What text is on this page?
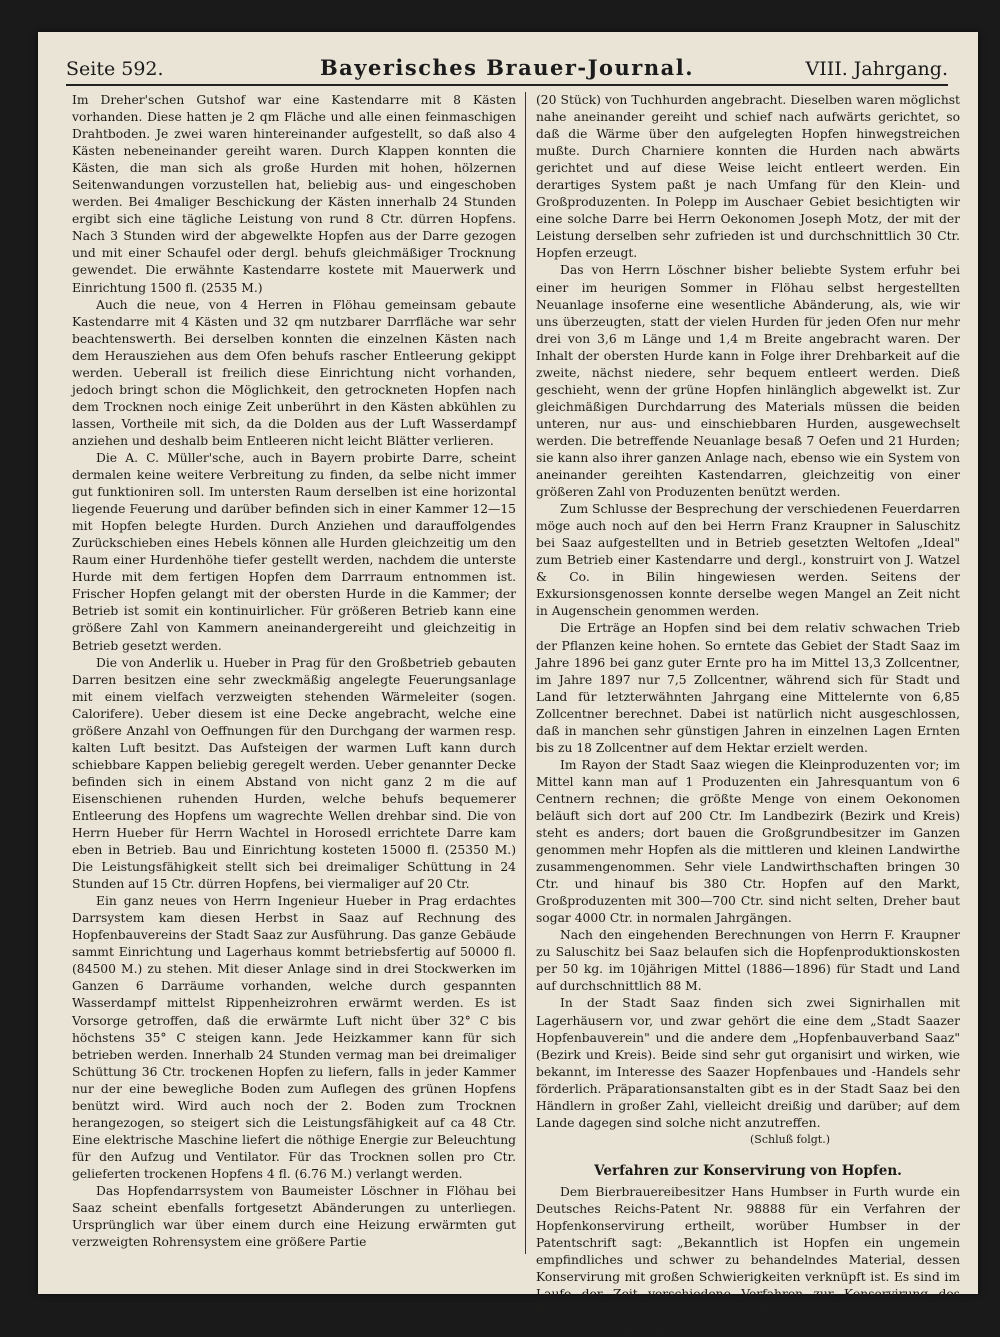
Seite 592.	Bayerisches Brauer-Journal.	VIII. Jahrgang.

Im Dreher'schen Gutshof war eine Kastendarre mit 8 Kästen vorhanden. Diese hatten je 2 qm Fläche und alle einen feinmaschigen Drahtboden. Je zwei waren hintereinander aufgestellt, so daß also 4 Kästen nebeneinander gereiht waren. Durch Klappen konnten die Kästen, die man sich als große Hurden mit hohen, hölzernen Seitenwandungen vorzustellen hat, beliebig aus- und eingeschoben werden. Bei 4maliger Beschickung der Kästen innerhalb 24 Stunden ergibt sich eine tägliche Leistung von rund 8 Ctr. dürren Hopfens. Nach 3 Stunden wird der abgewelkte Hopfen aus der Darre gezogen und mit einer Schaufel oder dergl. behufs gleichmäßiger Trocknung gewendet. Die erwähnte Kastendarre kostete mit Mauerwerk und Einrichtung 1500 fl. (2535 M.)

Auch die neue, von 4 Herren in Flöhau gemeinsam gebaute Kastendarre mit 4 Kästen und 32 qm nutzbarer Darrfläche war sehr beachtenswerth. Bei derselben konnten die einzelnen Kästen nach dem Herausziehen aus dem Ofen behufs rascher Entleerung gekippt werden. Ueberall ist freilich diese Einrichtung nicht vorhanden, jedoch bringt schon die Möglichkeit, den getrockneten Hopfen nach dem Trocknen noch einige Zeit unberührt in den Kästen abkühlen zu lassen, Vortheile mit sich, da die Dolden aus der Luft Wasserdampf anziehen und deshalb beim Entleeren nicht leicht Blätter verlieren.

Die A. C. Müller'sche, auch in Bayern probirte Darre, scheint dermalen keine weitere Verbreitung zu finden, da selbe nicht immer gut funktioniren soll. Im untersten Raum derselben ist eine horizontal liegende Feuerung und darüber befinden sich in einer Kammer 12—15 mit Hopfen belegte Hurden. Durch Anziehen und darauffolgendes Zurückschieben eines Hebels können alle Hurden gleichzeitig um den Raum einer Hurdenhöhe tiefer gestellt werden, nachdem die unterste Hurde mit dem fertigen Hopfen dem Darrraum entnommen ist. Frischer Hopfen gelangt mit der obersten Hurde in die Kammer; der Betrieb ist somit ein kontinuirlicher. Für größeren Betrieb kann eine größere Zahl von Kammern aneinandergereiht und gleichzeitig in Betrieb gesetzt werden.

Die von Anderlik u. Hueber in Prag für den Großbetrieb gebauten Darren besitzen eine sehr zweckmäßig angelegte Feuerungsanlage mit einem vielfach verzweigten stehenden Wärmeleiter (sogen. Calorifere). Ueber diesem ist eine Decke angebracht, welche eine größere Anzahl von Oeffnungen für den Durchgang der warmen resp. kalten Luft besitzt. Das Aufsteigen der warmen Luft kann durch schiebbare Kappen beliebig geregelt werden. Ueber genannter Decke befinden sich in einem Abstand von nicht ganz 2 m die auf Eisenschienen ruhenden Hurden, welche behufs bequemerer Entleerung des Hopfens um wagrechte Wellen drehbar sind. Die von Herrn Hueber für Herrn Wachtel in Horosedl errichtete Darre kam eben in Betrieb. Bau und Einrichtung kosteten 15000 fl. (25350 M.) Die Leistungsfähigkeit stellt sich bei dreimaliger Schüttung in 24 Stunden auf 15 Ctr. dürren Hopfens, bei viermaliger auf 20 Ctr.

Ein ganz neues von Herrn Ingenieur Hueber in Prag erdachtes Darrsystem kam diesen Herbst in Saaz auf Rechnung des Hopfenbauvereins der Stadt Saaz zur Ausführung. Das ganze Gebäude sammt Einrichtung und Lagerhaus kommt betriebsfertig auf 50000 fl. (84500 M.) zu stehen. Mit dieser Anlage sind in drei Stockwerken im Ganzen 6 Darräume vorhanden, welche durch gespannten Wasserdampf mittelst Rippenheizrohren erwärmt werden. Es ist Vorsorge getroffen, daß die erwärmte Luft nicht über 32° C bis höchstens 35° C steigen kann. Jede Heizkammer kann für sich betrieben werden. Innerhalb 24 Stunden vermag man bei dreimaliger Schüttung 36 Ctr. trockenen Hopfen zu liefern, falls in jeder Kammer nur der eine bewegliche Boden zum Auflegen des grünen Hopfens benützt wird. Wird auch noch der 2. Boden zum Trocknen herangezogen, so steigert sich die Leistungsfähigkeit auf ca 48 Ctr. Eine elektrische Maschine liefert die nöthige Energie zur Beleuchtung für den Aufzug und Ventilator. Für das Trocknen sollen pro Ctr. gelieferten trockenen Hopfens 4 fl. (6.76 M.) verlangt werden.

Das Hopfendarrsystem von Baumeister Löschner in Flöhau bei Saaz scheint ebenfalls fortgesetzt Abänderungen zu unterliegen. Ursprünglich war über einem durch eine Heizung erwärmten gut verzweigten Rohrensystem eine größere Partie

(20 Stück) von Tuchhurden angebracht. Dieselben waren möglichst nahe aneinander gereiht und schief nach aufwärts gerichtet, so daß die Wärme über den aufgelegten Hopfen hinwegstreichen mußte. Durch Charniere konnten die Hurden nach abwärts gerichtet und auf diese Weise leicht entleert werden. Ein derartiges System paßt je nach Umfang für den Klein- und Großproduzenten. In Polepp im Auschaer Gebiet besichtigten wir eine solche Darre bei Herrn Oekonomen Joseph Motz, der mit der Leistung derselben sehr zufrieden ist und durchschnittlich 30 Ctr. Hopfen erzeugt.

Das von Herrn Löschner bisher beliebte System erfuhr bei einer im heurigen Sommer in Flöhau selbst hergestellten Neuanlage insoferne eine wesentliche Abänderung, als, wie wir uns überzeugten, statt der vielen Hurden für jeden Ofen nur mehr drei von 3,6 m Länge und 1,4 m Breite angebracht waren. Der Inhalt der obersten Hurde kann in Folge ihrer Drehbarkeit auf die zweite, nächst niedere, sehr bequem entleert werden. Dieß geschieht, wenn der grüne Hopfen hinlänglich abgewelkt ist. Zur gleichmäßigen Durchdarrung des Materials müssen die beiden unteren, nur aus- und einschiebbaren Hurden, ausgewechselt werden. Die betreffende Neuanlage besaß 7 Oefen und 21 Hurden; sie kann also ihrer ganzen Anlage nach, ebenso wie ein System von aneinander gereihten Kastendarren, gleichzeitig von einer größeren Zahl von Produzenten benützt werden.

Zum Schlusse der Besprechung der verschiedenen Feuerdarren möge auch noch auf den bei Herrn Franz Kraupner in Saluschitz bei Saaz aufgestellten und in Betrieb gesetzten Weltofen „Ideal" zum Betrieb einer Kastendarre und dergl., konstruirt von J. Watzel & Co. in Bilin hingewiesen werden. Seitens der Exkursionsgenossen konnte derselbe wegen Mangel an Zeit nicht in Augenschein genommen werden.

Die Erträge an Hopfen sind bei dem relativ schwachen Trieb der Pflanzen keine hohen. So erntete das Gebiet der Stadt Saaz im Jahre 1896 bei ganz guter Ernte pro ha im Mittel 13,3 Zollcentner, im Jahre 1897 nur 7,5 Zollcentner, während sich für Stadt und Land für letzterwähnten Jahrgang eine Mittelernte von 6,85 Zollcentner berechnet. Dabei ist natürlich nicht ausgeschlossen, daß in manchen sehr günstigen Jahren in einzelnen Lagen Ernten bis zu 18 Zollcentner auf dem Hektar erzielt werden.

Im Rayon der Stadt Saaz wiegen die Kleinproduzenten vor; im Mittel kann man auf 1 Produzenten ein Jahresquantum von 6 Centnern rechnen; die größte Menge von einem Oekonomen beläuft sich dort auf 200 Ctr. Im Landbezirk (Bezirk und Kreis) steht es anders; dort bauen die Großgrundbesitzer im Ganzen genommen mehr Hopfen als die mittleren und kleinen Landwirthe zusammengenommen. Sehr viele Landwirthschaften bringen 30 Ctr. und hinauf bis 380 Ctr. Hopfen auf den Markt, Großproduzenten mit 300—700 Ctr. sind nicht selten, Dreher baut sogar 4000 Ctr. in normalen Jahrgängen.

Nach den eingehenden Berechnungen von Herrn F. Kraupner zu Saluschitz bei Saaz belaufen sich die Hopfenproduktionskosten per 50 kg. im 10jährigen Mittel (1886—1896) für Stadt und Land auf durchschnittlich 88 M.

In der Stadt Saaz finden sich zwei Signirhallen mit Lagerhäusern vor, und zwar gehört die eine dem „Stadt Saazer Hopfenbauverein" und die andere dem „Hopfenbauverband Saaz" (Bezirk und Kreis). Beide sind sehr gut organisirt und wirken, wie bekannt, im Interesse des Saazer Hopfenbaues und -Handels sehr förderlich. Präparationsanstalten gibt es in der Stadt Saaz bei den Händlern in großer Zahl, vielleicht dreißig und darüber; auf dem Lande dagegen sind solche nicht anzutreffen.

(Schluß folgt.)
Verfahren zur Konservirung von Hopfen.

Dem Bierbrauereibesitzer Hans Humbser in Furth wurde ein Deutsches Reichs-Patent Nr. 98888 für ein Verfahren der Hopfenkonservirung ertheilt, worüber Humbser in der Patentschrift sagt: „Bekanntlich ist Hopfen ein ungemein empfindliches und schwer zu behandelndes Material, dessen Konservirung mit großen Schwierigkeiten verknüpft ist. Es sind im Laufe der Zeit verschiedene Verfahren zur Konservirung des Hopfens angegeben worden, und es besteht das zur Zeit verbreitetste und dadurch bis jetzt als bestes
